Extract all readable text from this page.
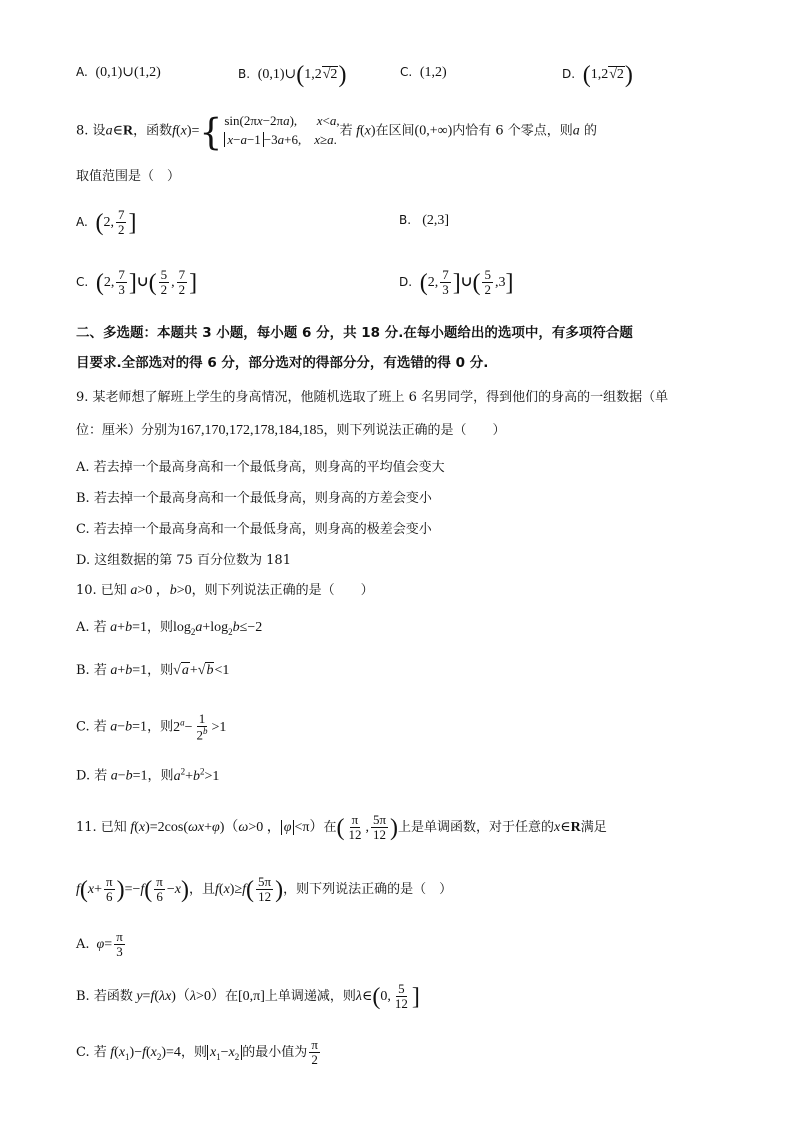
A.  (0,1)∪(1,2)	B.  (0,1)∪(1,2√2)	C.  (1,2)	D. (1,2√2)
8. 设a∈R，函数f(x)={ sin(2πx−2πa),      x<a,
x−a−1 −3a+6,    x≥a.
若 f(x)在区间(0,+∞)内恰有 6 个零点，则a 的
取值范围是（　）
A. (2, $\frac{7}{2}$ ]	B.   (2,3]
C. (2, $\frac{7}{3}$ ]∪( $\frac{5}{2}$ , $\frac{7}{2}$ ]	D. (2, $\frac{7}{3}$ ]∪( $\frac{5}{2} ,3$]
二、多选题：本题共 3 小题，每小题 6 分，共 18 分.在每小题给出的选项中，有多项符合题
目要求.全部选对的得 6 分，部分选对的得部分分，有选错的得 0 分.
9. 某老师想了解班上学生的身高情况，他随机选取了班上 6 名男同学，得到他们的身高的一组数据（单
位：厘米）分别为167,170,172,178,184,185，则下列说法正确的是（　　）
A. 若去掉一个最高身高和一个最低身高，则身高的平均值会变大
B. 若去掉一个最高身高和一个最低身高，则身高的方差会变小
C. 若去掉一个最高身高和一个最低身高，则身高的极差会变小
D. 这组数据的第 75 百分位数为 181
10. 已知 a>0 ，b>0，则下列说法正确的是（　　）
A. 若 a+b=1，则$\log_2a+\log_2b\le-2$
B. 若 a+b=1，则√a+√b<1
C. 若 a−b=1，则$2^a- \frac{1}{2^b} >1$
D. 若 a−b=1，则$a^2+b^2>1$
11. 已知 f(x)=2cos(ωx+φ)（ω>0 ， φ <π）在( $\frac{\pi}{12}$ , $\frac{5\pi}{12}$ )上是单调函数，对于任意的x∈R满足
$f(x+ \frac{\pi}{6} )=-f( \frac{\pi}{6} -x)$，且$f(x)\ge f( \frac{5\pi}{12}$ )，则下列说法正确的是（　）
A. $\varphi= \frac{\pi}{3}$
B. 若函数 y=f(λx)（λ>0）在[0,π]上单调递减，则λ∈(0, $\frac{5}{12}$ ]
C. 若 $f(x_1)-f(x_2)=4$，则 $x_1-x_2$ 的最小值为 $\frac{\pi}{2}$
